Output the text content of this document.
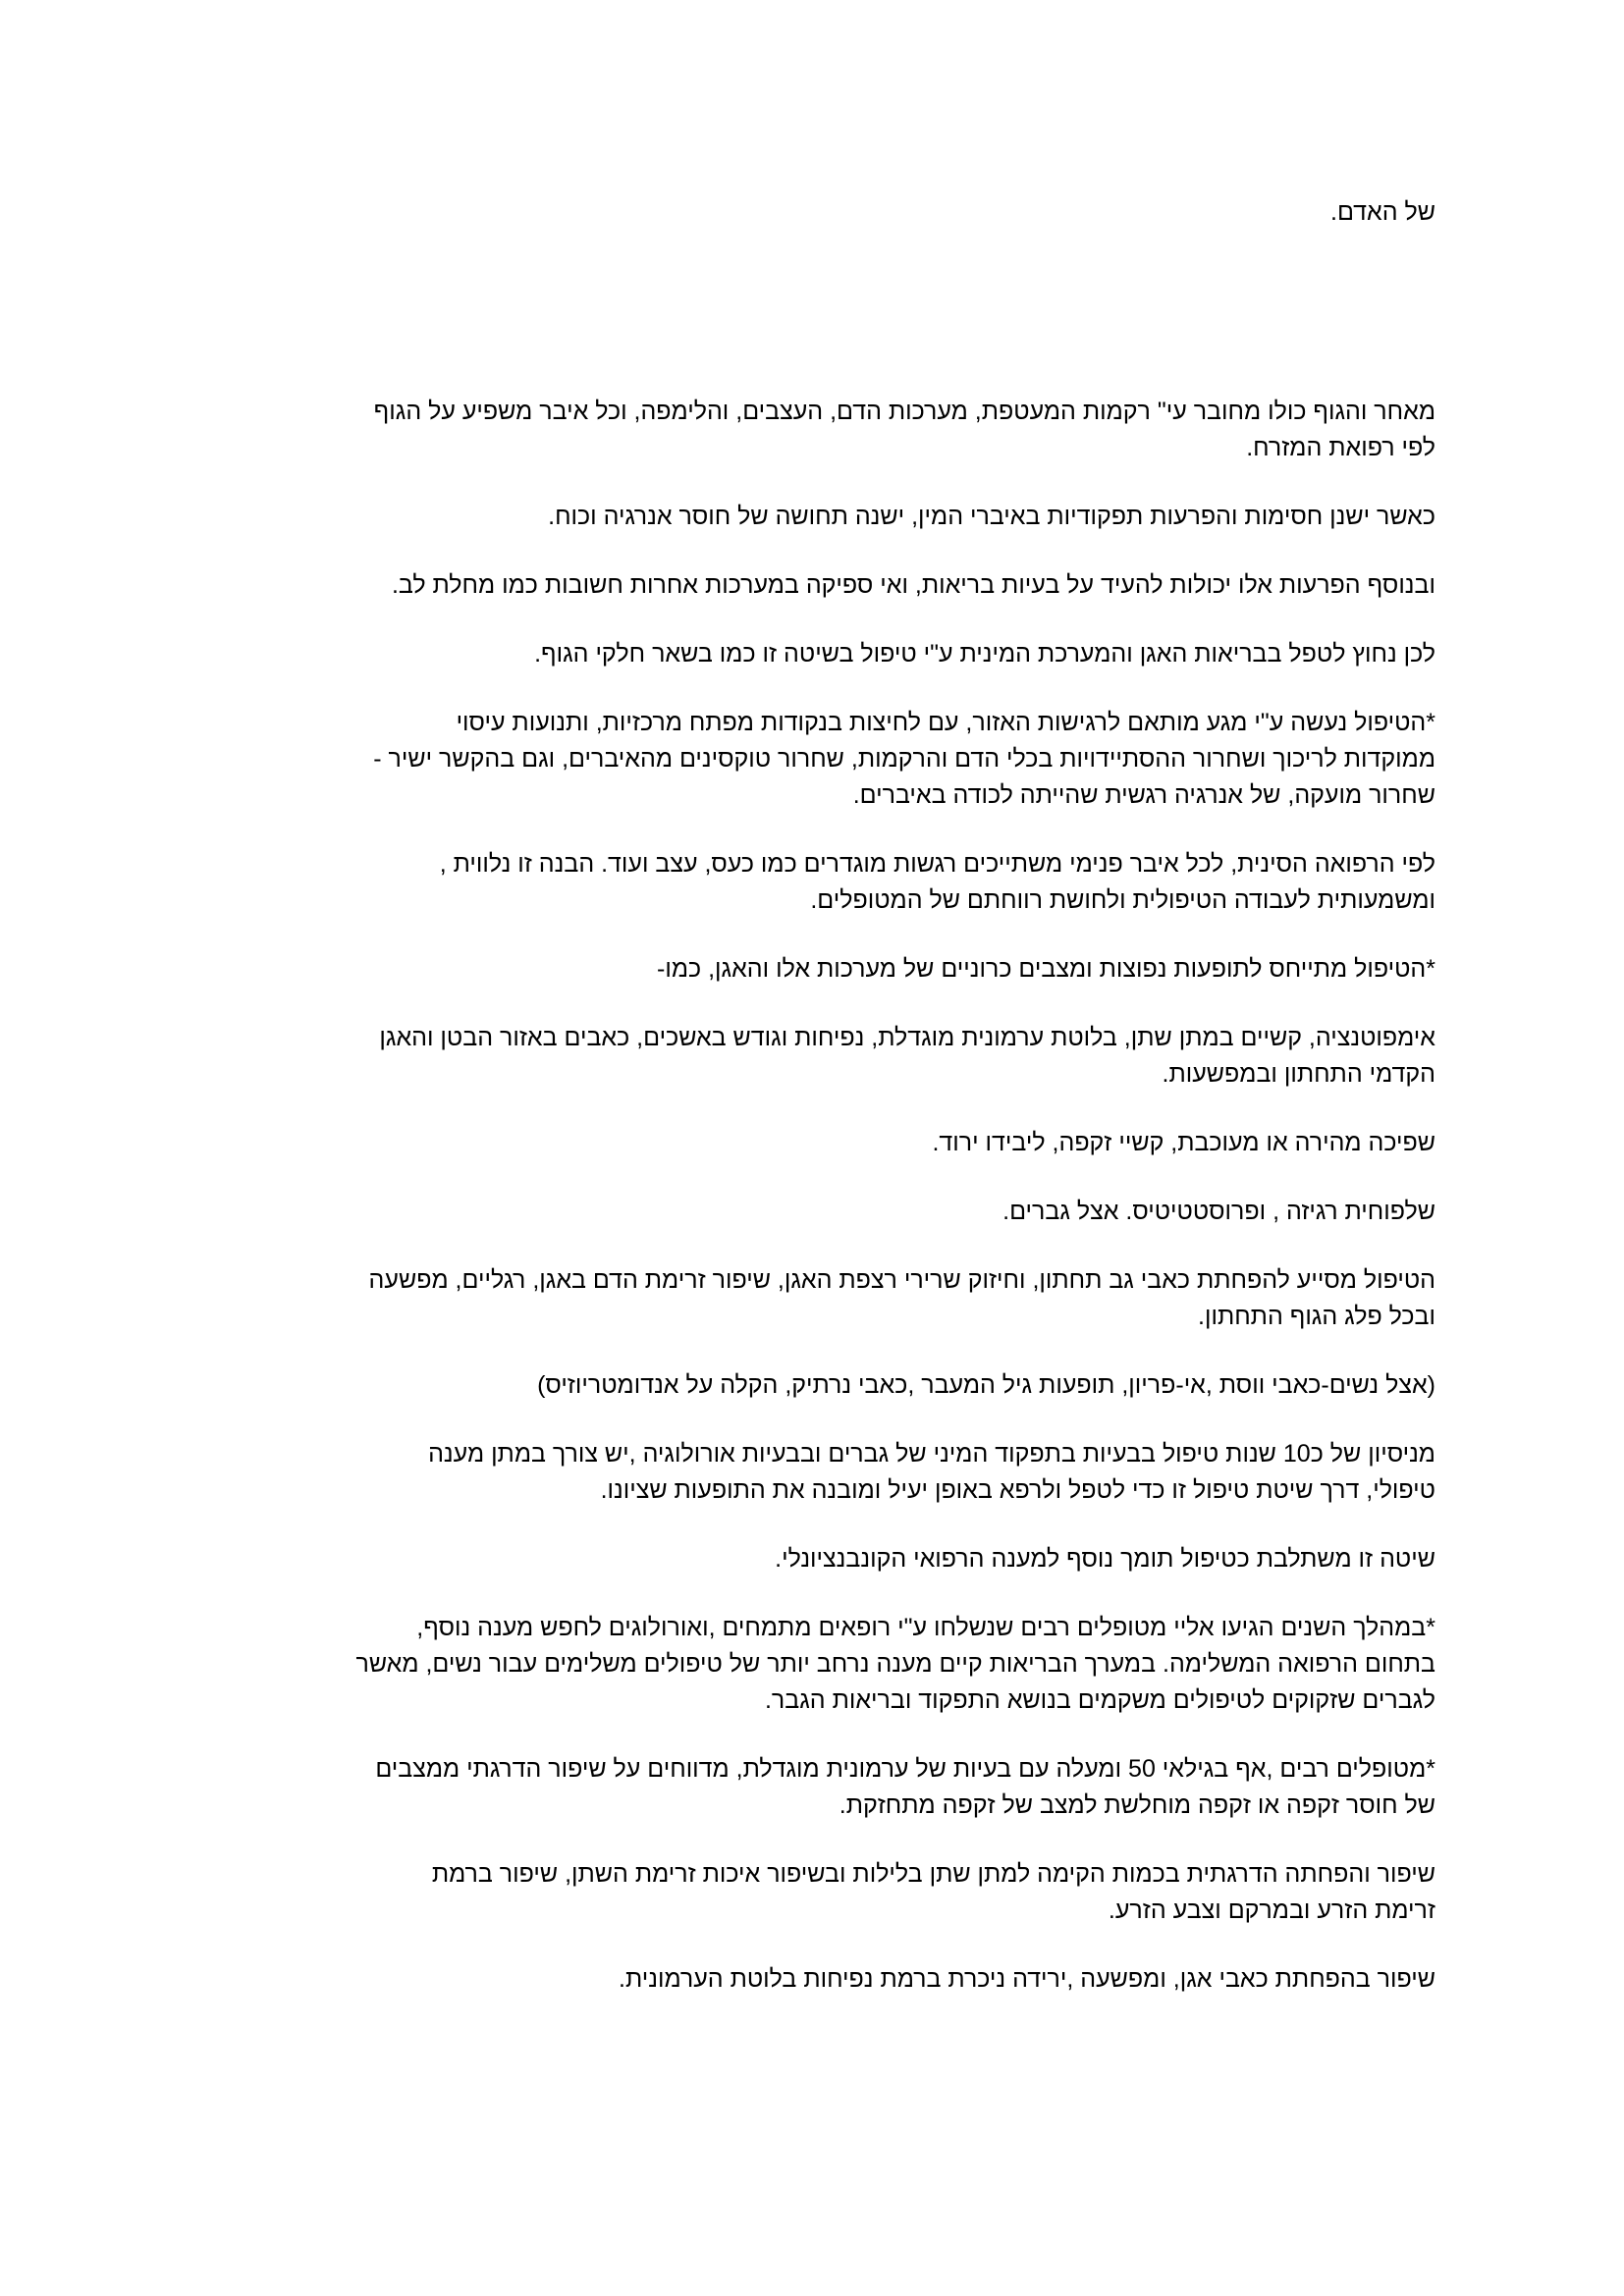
של האדם.

מאחר והגוף כולו מחובר עי" רקמות המעטפת, מערכות הדם, העצבים, והלימפה, וכל איבר משפיע על הגוף
לפי רפואת המזרח.

כאשר ישנן חסימות והפרעות תפקודיות באיברי המין, ישנה תחושה של חוסר אנרגיה וכוח.

ובנוסף הפרעות אלו יכולות להעיד על בעיות בריאות, ואי ספיקה במערכות אחרות חשובות כמו מחלת לב.

לכן נחוץ לטפל בבריאות האגן והמערכת המינית ע"י טיפול בשיטה זו כמו בשאר חלקי הגוף.

*הטיפול נעשה ע"י מגע מותאם לרגישות האזור, עם לחיצות בנקודות מפתח מרכזיות, ותנועות עיסוי
ממוקדות לריכוך ושחרור ההסתיידויות בכלי הדם והרקמות, שחרור טוקסינים מהאיברים, וגם בהקשר ישיר -
שחרור מועקה, של אנרגיה רגשית שהייתה לכודה באיברים.

לפי הרפואה הסינית, לכל איבר פנימי משתייכים רגשות מוגדרים כמו כעס, עצב ועוד. הבנה זו נלווית ,
ומשמעותית לעבודה הטיפולית ולחושת רווחתם של המטופלים.

*הטיפול מתייחס לתופעות נפוצות ומצבים כרוניים של מערכות אלו והאגן, כמו-

אימפוטנציה, קשיים במתן שתן, בלוטת ערמונית מוגדלת, נפיחות וגודש באשכים, כאבים באזור הבטן והאגן
הקדמי התחתון ובמפשעות.

שפיכה מהירה או מעוכבת, קשיי זקפה, ליבידו ירוד.

שלפוחית רגיזה , ופרוסטטיטיס. אצל גברים.

הטיפול מסייע להפחתת כאבי גב תחתון, וחיזוק שרירי רצפת האגן, שיפור זרימת הדם באגן, רגליים, מפשעה
ובכל פלג הגוף התחתון.

(אצל נשים-כאבי ווסת ,אי-פריון, תופעות גיל המעבר ,כאבי נרתיק, הקלה על אנדומטריוזיס)

מניסיון של כ10 שנות טיפול בבעיות בתפקוד המיני של גברים ובבעיות אורולוגיה ,יש צורך במתן מענה
טיפולי, דרך שיטת טיפול זו כדי לטפל ולרפא באופן יעיל ומובנה את התופעות שציונו.

שיטה זו משתלבת כטיפול תומך נוסף למענה הרפואי הקונבנציונלי.

*במהלך השנים הגיעו אליי מטופלים רבים שנשלחו ע"י רופאים מתמחים ,ואורולוגים לחפש מענה נוסף,
בתחום הרפואה המשלימה. במערך הבריאות קיים מענה נרחב יותר של טיפולים משלימים עבור נשים, מאשר
לגברים שזקוקים לטיפולים משקמים בנושא התפקוד ובריאות הגבר.

*מטופלים רבים ,אף בגילאי 50 ומעלה עם בעיות של ערמונית מוגדלת, מדווחים על שיפור הדרגתי ממצבים
של חוסר זקפה או זקפה מוחלשת למצב של זקפה מתחזקת.

שיפור והפחתה הדרגתית בכמות הקימה למתן שתן בלילות ובשיפור איכות זרימת השתן, שיפור ברמת
זרימת הזרע ובמרקם וצבע הזרע.

שיפור בהפחתת כאבי אגן, ומפשעה ,ירידה ניכרת ברמת נפיחות בלוטת הערמונית.
